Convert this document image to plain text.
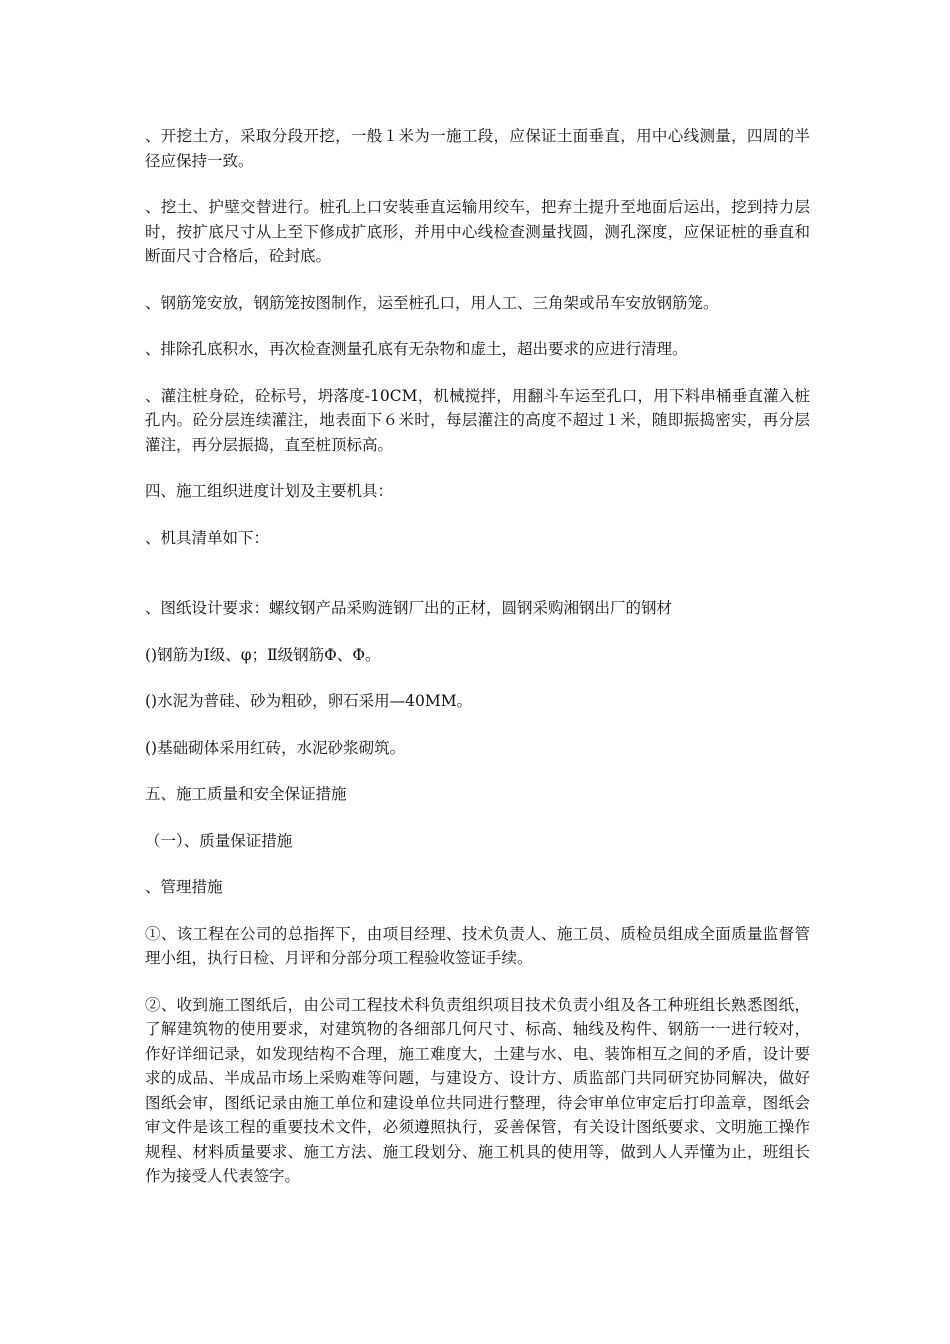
、开挖土方，采取分段开挖，一般１米为一施工段，应保证土面垂直，用中心线测量，四周的半径应保持一致。

、挖土、护壁交替进行。桩孔上口安装垂直运输用绞车，把弃土提升至地面后运出，挖到持力层时，按扩底尺寸从上至下修成扩底形，并用中心线检查测量找圆，测孔深度，应保证桩的垂直和断面尺寸合格后，砼封底。

、钢筋笼安放，钢筋笼按图制作，运至桩孔口，用人工、三角架或吊车安放钢筋笼。

、排除孔底积水，再次检查测量孔底有无杂物和虚土，超出要求的应进行清理。

、灌注桩身砼，砼标号，坍落度-10CM，机械搅拌，用翻斗车运至孔口，用下料串桶垂直灌入桩孔内。砼分层连续灌注，地表面下６米时，每层灌注的高度不超过１米，随即振捣密实，再分层灌注，再分层振捣，直至桩顶标高。

四、施工组织进度计划及主要机具：

、机具清单如下：

、图纸设计要求：螺纹钢产品采购涟钢厂出的正材，圆钢采购湘钢出厂的钢材

()钢筋为Ⅰ级、φ；Ⅱ级钢筋Φ、Φ。

()水泥为普硅、砂为粗砂，卵石采用—40MM。

()基础砌体采用红砖，水泥砂浆砌筑。

五、施工质量和安全保证措施

（一）、质量保证措施

、管理措施

①、该工程在公司的总指挥下，由项目经理、技术负责人、施工员、质检员组成全面质量监督管理小组，执行日检、月评和分部分项工程验收签证手续。

②、收到施工图纸后，由公司工程技术科负责组织项目技术负责小组及各工种班组长熟悉图纸，了解建筑物的使用要求，对建筑物的各细部几何尺寸、标高、轴线及构件、钢筋一一进行较对，作好详细记录，如发现结构不合理，施工难度大，土建与水、电、装饰相互之间的矛盾，设计要求的成品、半成品市场上采购难等问题，与建设方、设计方、质监部门共同研究协同解决，做好图纸会审，图纸记录由施工单位和建设单位共同进行整理，待会审单位审定后打印盖章，图纸会审文件是该工程的重要技术文件，必须遵照执行，妥善保管，有关设计图纸要求、文明施工操作规程、材料质量要求、施工方法、施工段划分、施工机具的使用等，做到人人弄懂为止，班组长作为接受人代表签字。
